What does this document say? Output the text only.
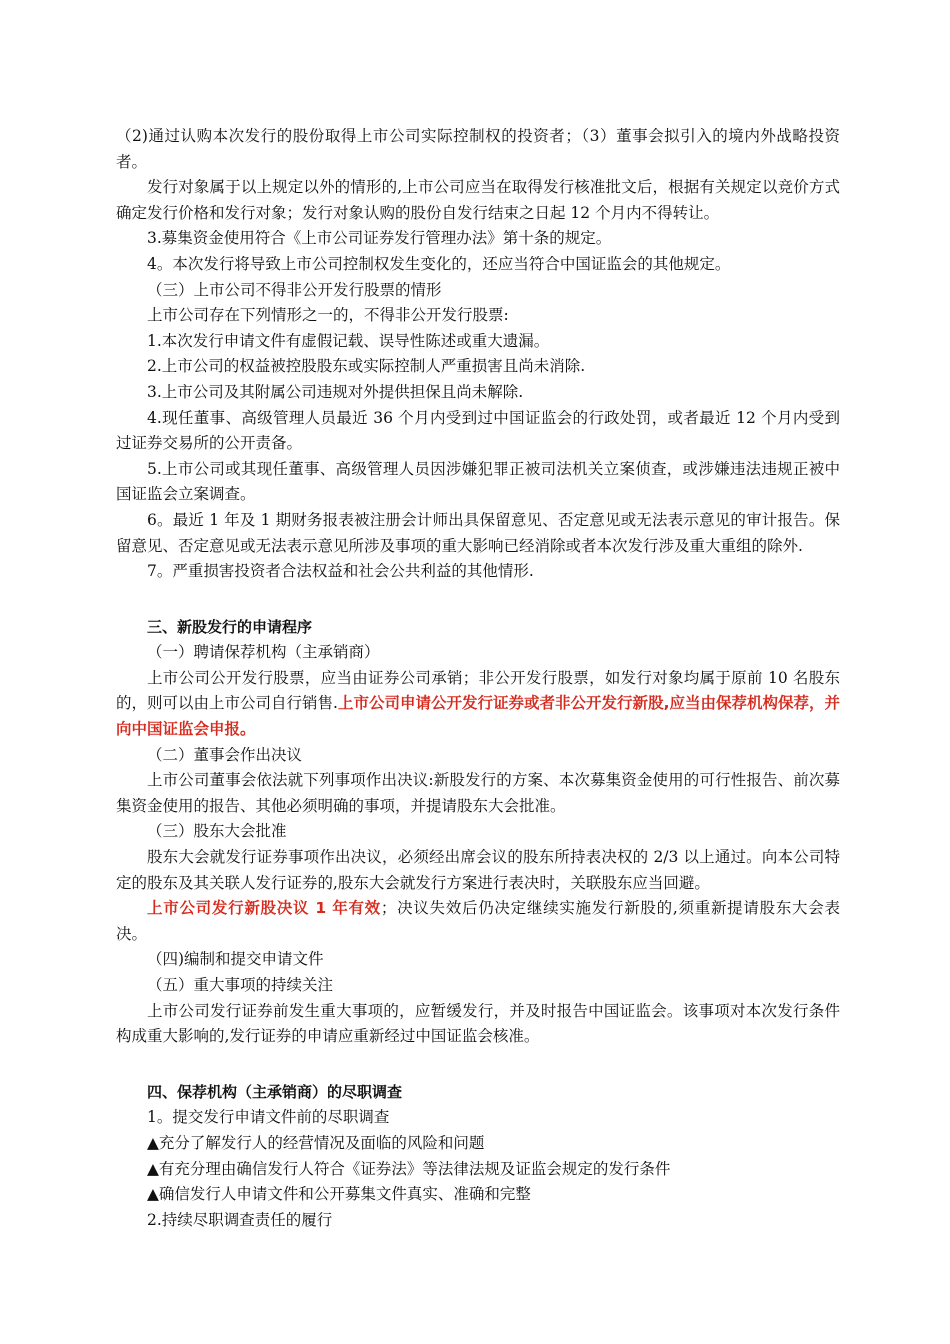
（2)通过认购本次发行的股份取得上市公司实际控制权的投资者；（3）董事会拟引入的境内外战略投资者。

发行对象属于以上规定以外的情形的,上市公司应当在取得发行核准批文后，根据有关规定以竞价方式确定发行价格和发行对象；发行对象认购的股份自发行结束之日起 12 个月内不得转让。

3.募集资金使用符合《上市公司证券发行管理办法》第十条的规定。

4。本次发行将导致上市公司控制权发生变化的，还应当符合中国证监会的其他规定。

（三）上市公司不得非公开发行股票的情形

上市公司存在下列情形之一的，不得非公开发行股票:

1.本次发行申请文件有虚假记载、误导性陈述或重大遗漏。

2.上市公司的权益被控股股东或实际控制人严重损害且尚未消除.

3.上市公司及其附属公司违规对外提供担保且尚未解除.

4.现任董事、高级管理人员最近 36 个月内受到过中国证监会的行政处罚，或者最近 12 个月内受到过证券交易所的公开责备。

5.上市公司或其现任董事、高级管理人员因涉嫌犯罪正被司法机关立案侦查，或涉嫌违法违规正被中国证监会立案调查。

6。最近 1 年及 1 期财务报表被注册会计师出具保留意见、否定意见或无法表示意见的审计报告。保留意见、否定意见或无法表示意见所涉及事项的重大影响已经消除或者本次发行涉及重大重组的除外.

7。严重损害投资者合法权益和社会公共利益的其他情形.

三、新股发行的申请程序

（一）聘请保荐机构（主承销商）

上市公司公开发行股票，应当由证券公司承销；非公开发行股票，如发行对象均属于原前 10 名股东的，则可以由上市公司自行销售.上市公司申请公开发行证券或者非公开发行新股,应当由保荐机构保荐，并向中国证监会申报。

（二）董事会作出决议

上市公司董事会依法就下列事项作出决议:新股发行的方案、本次募集资金使用的可行性报告、前次募集资金使用的报告、其他必须明确的事项，并提请股东大会批准。

（三）股东大会批准

股东大会就发行证券事项作出决议，必须经出席会议的股东所持表决权的 2/3 以上通过。向本公司特定的股东及其关联人发行证券的,股东大会就发行方案进行表决时，关联股东应当回避。

上市公司发行新股决议 1 年有效；决议失效后仍决定继续实施发行新股的,须重新提请股东大会表决。

（四)编制和提交申请文件

（五）重大事项的持续关注

上市公司发行证券前发生重大事项的，应暂缓发行，并及时报告中国证监会。该事项对本次发行条件构成重大影响的,发行证券的申请应重新经过中国证监会核准。

四、保荐机构（主承销商）的尽职调查

1。提交发行申请文件前的尽职调查

▲充分了解发行人的经营情况及面临的风险和问题

▲有充分理由确信发行人符合《证券法》等法律法规及证监会规定的发行条件

▲确信发行人申请文件和公开募集文件真实、准确和完整

2.持续尽职调查责任的履行
